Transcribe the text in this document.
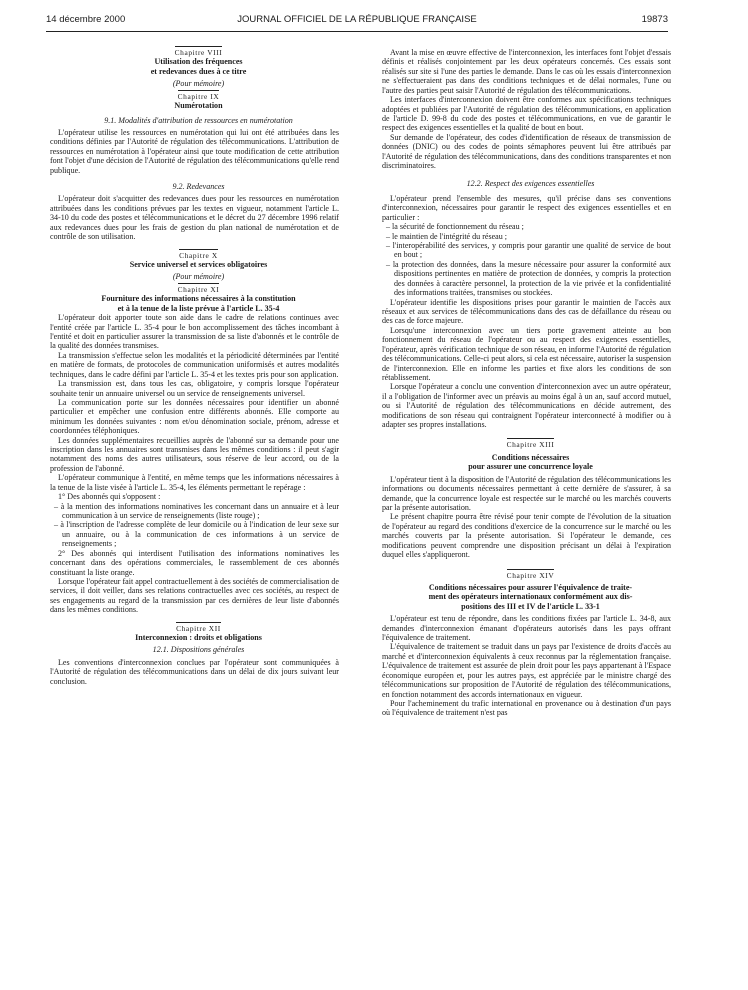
14 décembre 2000	JOURNAL OFFICIEL DE LA RÉPUBLIQUE FRANÇAISE	19873

Chapitre VIII

Utilisation des fréquences

et redevances dues à ce titre

(Pour mémoire)

Chapitre IX

Numérotation

9.1. Modalités d'attribution de ressources en numérotation

L'opérateur utilise les ressources en numérotation qui lui ont été attribuées dans les conditions définies par l'Autorité de régulation des télécommunications. L'attribution de ressources en numérotation à l'opérateur ainsi que toute modification de cette attribution font l'objet d'une décision de l'Autorité de régulation des télécommunications qu'elle rend publique.

9.2. Redevances

L'opérateur doit s'acquitter des redevances dues pour les ressources en numérotation attribuées dans les conditions prévues par les textes en vigueur, notamment l'article L. 34-10 du code des postes et télécommunications et le décret du 27 décembre 1996 relatif aux redevances dues pour les frais de gestion du plan national de numérotation et de contrôle de son utilisation.

Chapitre X

Service universel et services obligatoires

(Pour mémoire)

Chapitre XI

Fourniture des informations nécessaires à la constitution

et à la tenue de la liste prévue à l'article L. 35-4

L'opérateur doit apporter toute son aide dans le cadre de relations continues avec l'entité créée par l'article L. 35-4 pour le bon accomplissement des tâches incombant à l'entité et doit en particulier assurer la transmission de sa liste d'abonnés et le contrôle de la qualité des données transmises.

La transmission s'effectue selon les modalités et la périodicité déterminées par l'entité en matière de formats, de protocoles de communication uniformisés et autres modalités techniques, dans le cadre défini par l'article L. 35-4 et les textes pris pour son application.

La transmission est, dans tous les cas, obligatoire, y compris lorsque l'opérateur souhaite tenir un annuaire universel ou un service de renseignements universel.

La communication porte sur les données nécessaires pour identifier un abonné particulier et empêcher une confusion entre différents abonnés. Elle comporte au minimum les données suivantes : nom et/ou dénomination sociale, prénom, adresse et coordonnées téléphoniques.

Les données supplémentaires recueillies auprès de l'abonné sur sa demande pour une inscription dans les annuaires sont transmises dans les mêmes conditions : il peut s'agir notamment des noms des autres utilisateurs, sous réserve de leur accord, ou de la profession de l'abonné.

L'opérateur communique à l'entité, en même temps que les informations nécessaires à la tenue de la liste visée à l'article L. 35-4, les éléments permettant le repérage :

1° Des abonnés qui s'opposent :

– à la mention des informations nominatives les concernant dans un annuaire et à leur communication à un service de renseignements (liste rouge) ;
– à l'inscription de l'adresse complète de leur domicile ou à l'indication de leur sexe sur un annuaire, ou à la communication de ces informations à un service de renseignements ;

2° Des abonnés qui interdisent l'utilisation des informations nominatives les concernant dans des opérations commerciales, le rassemblement de ces abonnés constituant la liste orange.

Lorsque l'opérateur fait appel contractuellement à des sociétés de commercialisation de services, il doit veiller, dans ses relations contractuelles avec ces sociétés, au respect de ses engagements au regard de la transmission par ces dernières de leur liste d'abonnés dans les mêmes conditions.

Chapitre XII

Interconnexion : droits et obligations

12.1. Dispositions générales

Les conventions d'interconnexion conclues par l'opérateur sont communiquées à l'Autorité de régulation des télécommunications dans un délai de dix jours suivant leur conclusion.

Avant la mise en œuvre effective de l'interconnexion, les interfaces font l'objet d'essais définis et réalisés conjointement par les deux opérateurs concernés. Ces essais sont réalisés sur site si l'une des parties le demande. Dans le cas où les essais d'interconnexion ne s'effectueraient pas dans des conditions techniques et de délai normales, l'une ou l'autre des parties peut saisir l'Autorité de régulation des télécommunications.

Les interfaces d'interconnexion doivent être conformes aux spécifications techniques adoptées et publiées par l'Autorité de régulation des télécommunications, en application de l'article D. 99-8 du code des postes et télécommunications, en vue de garantir le respect des exigences essentielles et la qualité de bout en bout.

Sur demande de l'opérateur, des codes d'identification de réseaux de transmission de données (DNIC) ou des codes de points sémaphores peuvent lui être attribués par l'Autorité de régulation des télécommunications, dans des conditions transparentes et non discriminatoires.

12.2. Respect des exigences essentielles

L'opérateur prend l'ensemble des mesures, qu'il précise dans ses conventions d'interconnexion, nécessaires pour garantir le respect des exigences essentielles et en particulier :

– la sécurité de fonctionnement du réseau ;
– le maintien de l'intégrité du réseau ;
– l'interopérabilité des services, y compris pour garantir une qualité de service de bout en bout ;
– la protection des données, dans la mesure nécessaire pour assurer la conformité aux dispositions pertinentes en matière de protection de données, y compris la protection des données à caractère personnel, la protection de la vie privée et la confidentialité des informations traitées, transmises ou stockées.

L'opérateur identifie les dispositions prises pour garantir le maintien de l'accès aux réseaux et aux services de télécommunications dans des cas de défaillance du réseau ou des cas de force majeure.

Lorsqu'une interconnexion avec un tiers porte gravement atteinte au bon fonctionnement du réseau de l'opérateur ou au respect des exigences essentielles, l'opérateur, après vérification technique de son réseau, en informe l'Autorité de régulation des télécommunications. Celle-ci peut alors, si cela est nécessaire, autoriser la suspension de l'interconnexion. Elle en informe les parties et fixe alors les conditions de son rétablissement.

Lorsque l'opérateur a conclu une convention d'interconnexion avec un autre opérateur, il a l'obligation de l'informer avec un préavis au moins égal à un an, sauf accord mutuel, ou si l'Autorité de régulation des télécommunications en décide autrement, des modifications de son réseau qui contraignent l'opérateur interconnecté à modifier ou à adapter ses propres installations.

Chapitre XIII

Conditions nécessaires

pour assurer une concurrence loyale

L'opérateur tient à la disposition de l'Autorité de régulation des télécommunications les informations ou documents nécessaires permettant à cette dernière de s'assurer, à sa demande, que la concurrence loyale est respectée sur le marché ou les marchés couverts par la présente autorisation.

Le présent chapitre pourra être révisé pour tenir compte de l'évolution de la situation de l'opérateur au regard des conditions d'exercice de la concurrence sur le marché ou les marchés couverts par la présente autorisation. Si l'opérateur le demande, ces modifications peuvent comprendre une disposition précisant un délai à l'expiration duquel elles s'appliqueront.

Chapitre XIV

Conditions nécessaires pour assurer l'équivalence de traite-

ment des opérateurs internationaux conformément aux dis-

positions des III et IV de l'article L. 33-1

L'opérateur est tenu de répondre, dans les conditions fixées par l'article L. 34-8, aux demandes d'interconnexion émanant d'opérateurs autorisés dans les pays offrant l'équivalence de traitement.

L'équivalence de traitement se traduit dans un pays par l'existence de droits d'accès au marché et d'interconnexion équivalents à ceux reconnus par la réglementation française. L'équivalence de traitement est assurée de plein droit pour les pays appartenant à l'Espace économique européen et, pour les autres pays, est appréciée par le ministre chargé des télécommunications sur proposition de l'Autorité de régulation des télécommunications, en fonction notamment des accords internationaux en vigueur.

Pour l'acheminement du trafic international en provenance ou à destination d'un pays où l'équivalence de traitement n'est pas
